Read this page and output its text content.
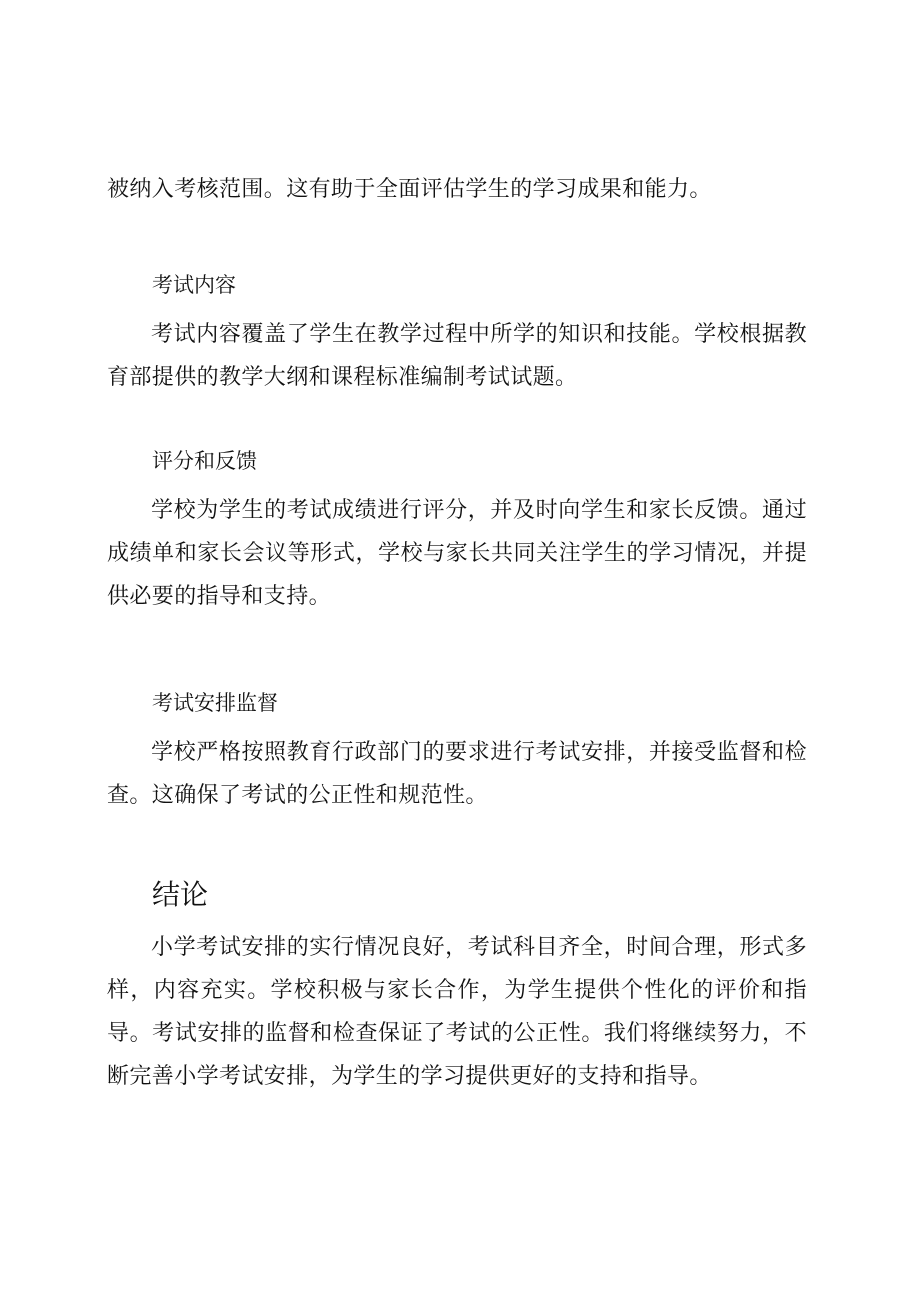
被纳入考核范围。这有助于全面评估学生的学习成果和能力。

考试内容

考试内容覆盖了学生在教学过程中所学的知识和技能。学校根据教育部提供的教学大纲和课程标准编制考试试题。

评分和反馈

学校为学生的考试成绩进行评分，并及时向学生和家长反馈。通过成绩单和家长会议等形式，学校与家长共同关注学生的学习情况，并提供必要的指导和支持。

考试安排监督

学校严格按照教育行政部门的要求进行考试安排，并接受监督和检查。这确保了考试的公正性和规范性。

结论

小学考试安排的实行情况良好，考试科目齐全，时间合理，形式多样，内容充实。学校积极与家长合作，为学生提供个性化的评价和指导。考试安排的监督和检查保证了考试的公正性。我们将继续努力，不断完善小学考试安排，为学生的学习提供更好的支持和指导。
